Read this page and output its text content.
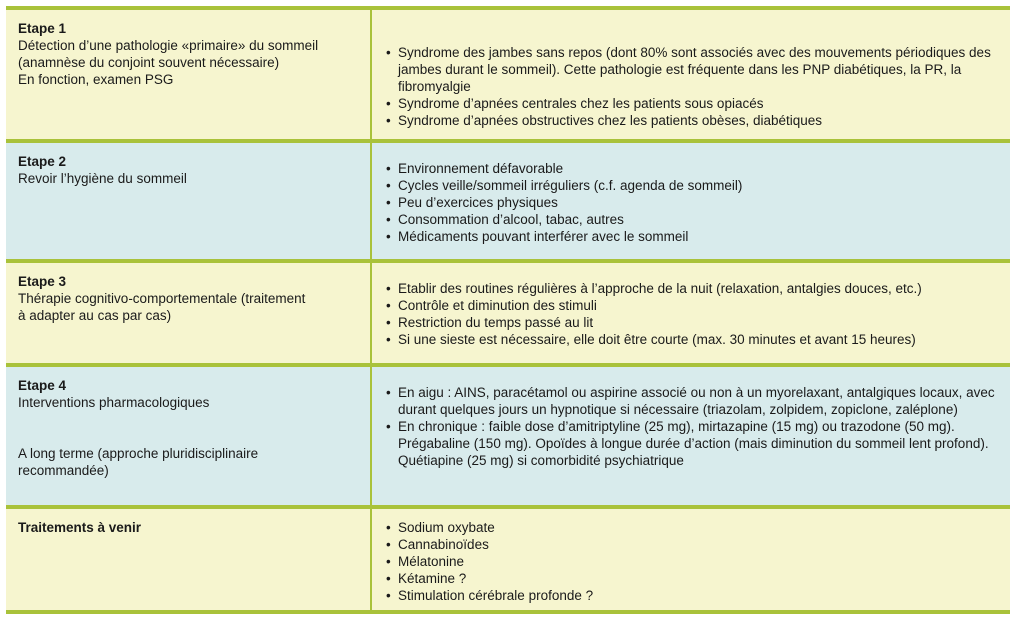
Etape 1
Détection d’une pathologie «primaire» du sommeil
(anamnèse du conjoint souvent nécessaire)
En fonction, examen PSG
• Syndrome des jambes sans repos (dont 80% sont associés avec des mouvements périodiques des jambes durant le sommeil). Cette pathologie est fréquente dans les PNP diabétiques, la PR, la fibromyalgie
• Syndrome d’apnées centrales chez les patients sous opiacés
• Syndrome d’apnées obstructives chez les patients obèses, diabétiques
Etape 2
Revoir l’hygiène du sommeil
• Environnement défavorable
• Cycles veille/sommeil irréguliers (c.f. agenda de sommeil)
• Peu d’exercices physiques
• Consommation d’alcool, tabac, autres
• Médicaments pouvant interférer avec le sommeil
Etape 3
Thérapie cognitivo-comportementale (traitement
à adapter au cas par cas)
• Etablir des routines régulières à l’approche de la nuit (relaxation, antalgies douces, etc.)
• Contrôle et diminution des stimuli
• Restriction du temps passé au lit
• Si une sieste est nécessaire, elle doit être courte (max. 30 minutes et avant 15 heures)
Etape 4
Interventions pharmacologiques
A long terme (approche pluridisciplinaire
recommandée)
• En aigu : AINS, paracétamol ou aspirine associé ou non à un myorelaxant, antalgiques locaux, avec durant quelques jours un hypnotique si nécessaire (triazolam, zolpidem, zopiclone, zaléplone)
• En chronique : faible dose d’amitriptyline (25 mg), mirtazapine (15 mg) ou trazodone (50 mg). Prégabaline (150 mg). Opoïdes à longue durée d’action (mais diminution du sommeil lent profond). Quétiapine (25 mg) si comorbidité psychiatrique
Traitements à venir
•	Sodium oxybate
• Cannabinoïdes
• Mélatonine
• Kétamine ?
• Stimulation cérébrale profonde ?
